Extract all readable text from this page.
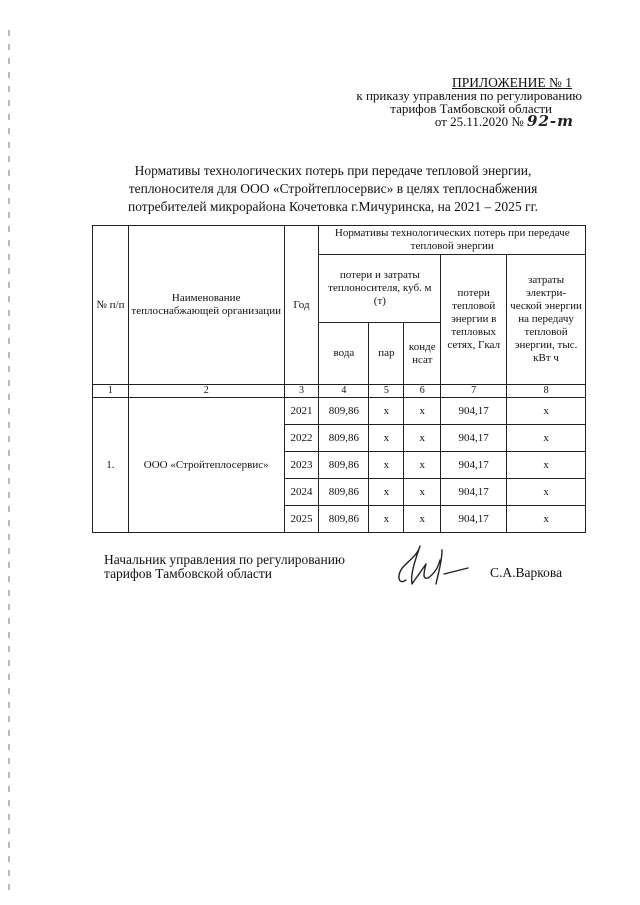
ПРИЛОЖЕНИЕ № 1
к приказу управления по регулированию
тарифов Тамбовской области
от 25.11.2020 № 92-т
Нормативы технологических потерь при передаче тепловой энергии,
теплоносителя для ООО «Стройтеплосервис» в целях теплоснабжения
потребителей микрорайона Кочетовка г.Мичуринска, на 2021 – 2025 гг.
№ п/п	Наименование теплоснабжающей организации	Год	Нормативы технологических потерь при передаче тепловой энергии				
			потери и затраты теплоносителя, куб. м (т)			потери тепловой энергии в тепловых сетях, Гкал	затраты электри- ческой энергии на передачу тепловой энергии, тыс. кВт ч
			вода	пар	конде нсат		
1	2	3	4	5	6	7	8
1.	ООО «Стройтеплосервис»	2021	809,86	х	х	904,17	х
		2022	809,86	х	х	904,17	х
		2023	809,86	х	х	904,17	х
		2024	809,86	х	х	904,17	х
		2025	809,86	х	х	904,17	х
Начальник управления по регулированию
тарифов Тамбовской области	С.А.Варкова
